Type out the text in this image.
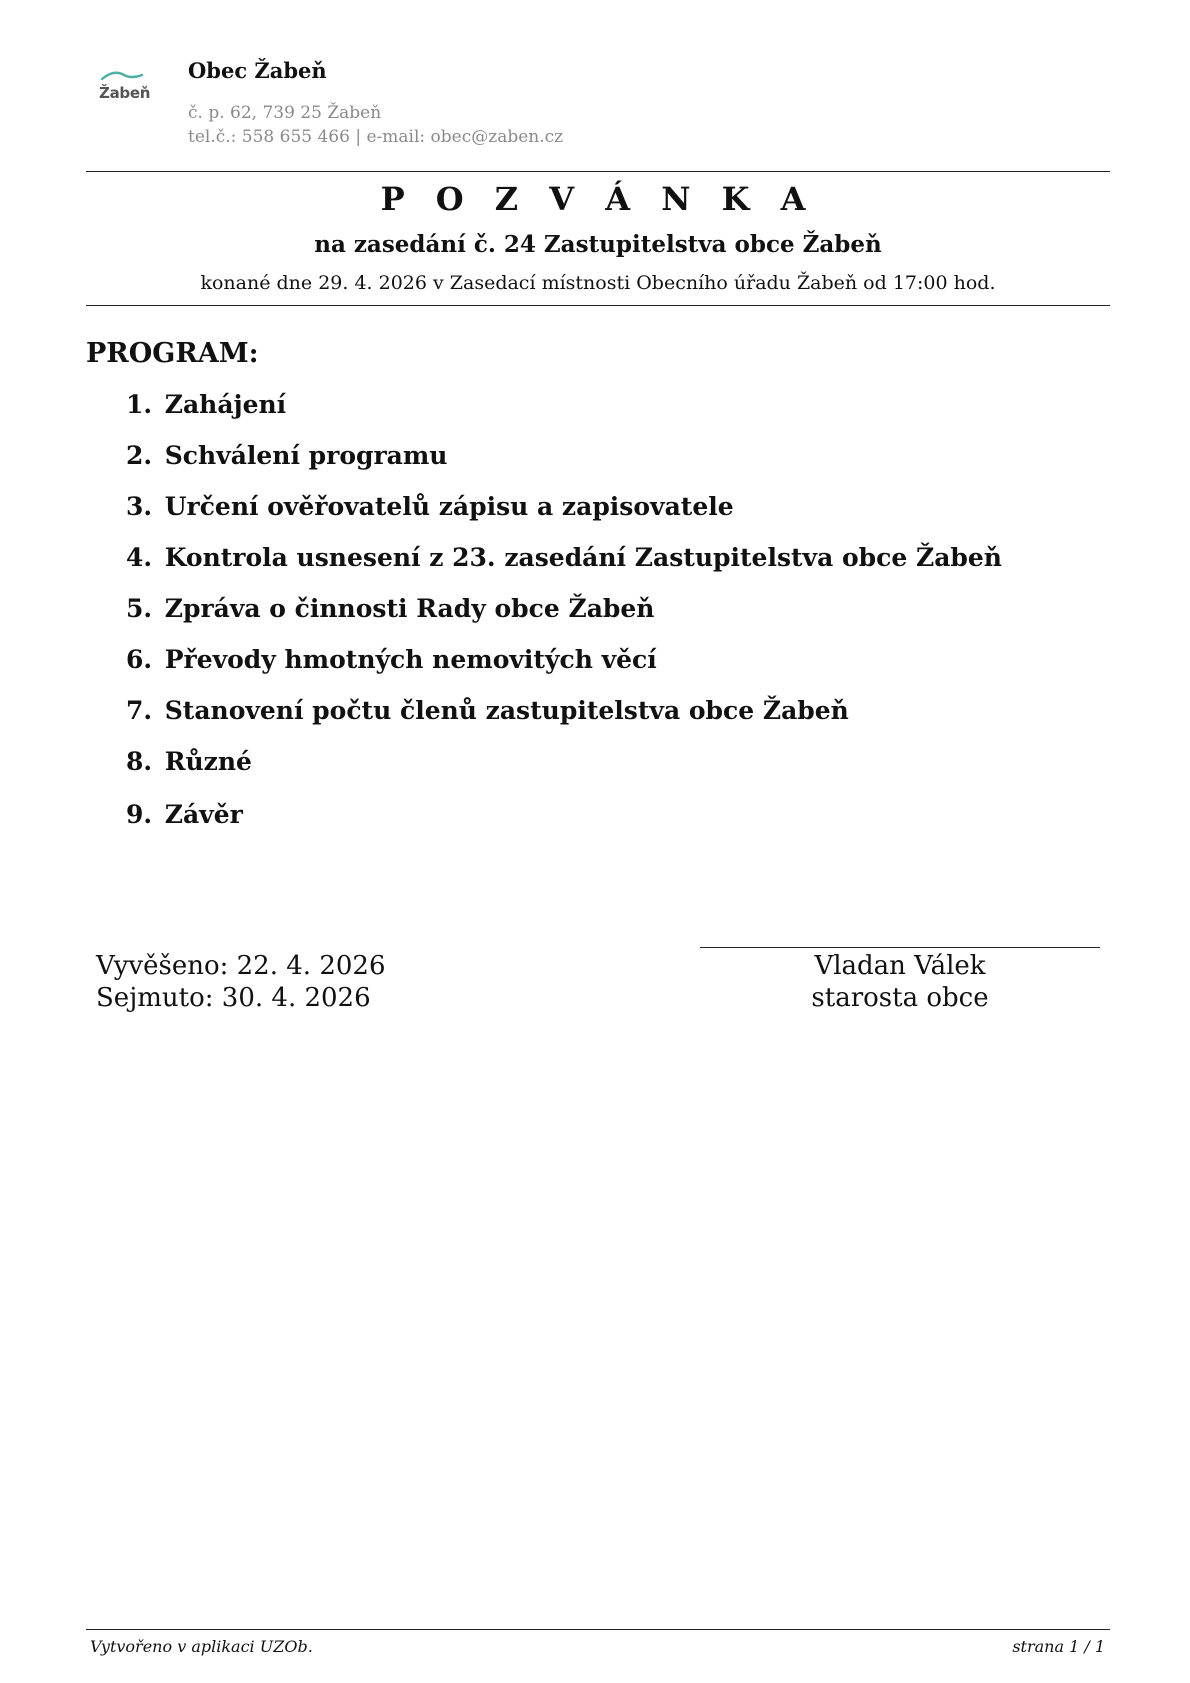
Žabeň
Obec Žabeň
č. p. 62, 739 25 Žabeň
tel.č.: 558 655 466 | e-mail: obec@zaben.cz
P O Z V Á N K A
na zasedání č. 24 Zastupitelstva obce Žabeň
konané dne 29. 4. 2026 v Zasedací místnosti Obecního úřadu Žabeň od 17:00 hod.
PROGRAM:
1. Zahájení
2. Schválení programu
3. Určení ověřovatelů zápisu a zapisovatele
4. Kontrola usnesení z 23. zasedání Zastupitelstva obce Žabeň
5. Zpráva o činnosti Rady obce Žabeň
6. Převody hmotných nemovitých věcí
7. Stanovení počtu členů zastupitelstva obce Žabeň
8. Různé
9. Závěr
Vyvěšeno: 22. 4. 2026
Sejmuto: 30. 4. 2026
Vladan Válek
starosta obce
Vytvořeno v aplikaci UZOb.	strana 1 / 1
